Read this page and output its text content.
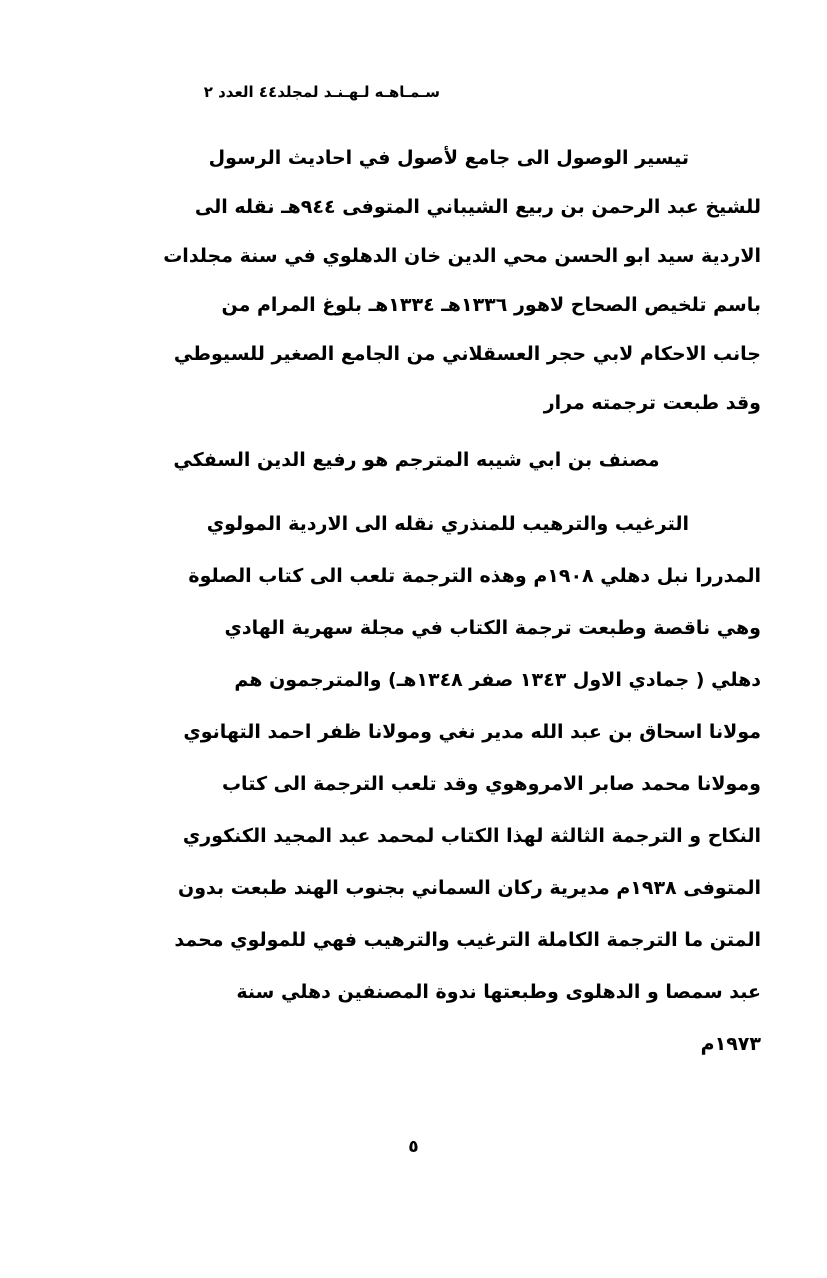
سـمـاهـه لـهـنـد لمجلد٤٤ العدد ٢
تيسير الوصول الى جامع لأصول في احاديث الرسول
للشيخ عبد الرحمن بن ربيع الشيباني المتوفى ٩٤٤هـ نقله الى
الاردية سيد ابو الحسن محي الدين خان الدهلوي في سنة مجلدات
باسم تلخيص الصحاح لاهور ١٣٣٦هـ ١٣٣٤هـ بلوغ المرام من
جانب الاحكام لابي حجر العسقلاني من الجامع الصغير للسيوطي
وقد طبعت ترجمته مرار
مصنف بن ابي شيبه المترجم هو رفيع الدين السفكي
الترغيب والترهيب للمنذري نقله الى الاردية المولوي
المدررا نبل دهلي ١٩٠٨م وهذه الترجمة تلعب الى كتاب الصلوة
وهي ناقصة وطبعت ترجمة الكتاب في مجلة سهرية الهادي
دهلي ( جمادي الاول ١٣٤٣ صفر ١٣٤٨هـ) والمترجمون هم
مولانا اسحاق بن عبد الله مدير نغي ومولانا ظفر احمد التهانوي
ومولانا محمد صابر الامروهوي وقد تلعب الترجمة الى كتاب
النكاح و الترجمة الثالثة لهذا الكتاب لمحمد عبد المجيد الكنكوري
المتوفى ١٩٣٨م مديرية ركان السماني بجنوب الهند طبعت بدون
المتن ما الترجمة الكاملة الترغيب والترهيب فهي للمولوي محمد
عبد سمصا و الدهلوى وطبعتها ندوة المصنفين دهلي سنة
١٩٧٣م
٥
